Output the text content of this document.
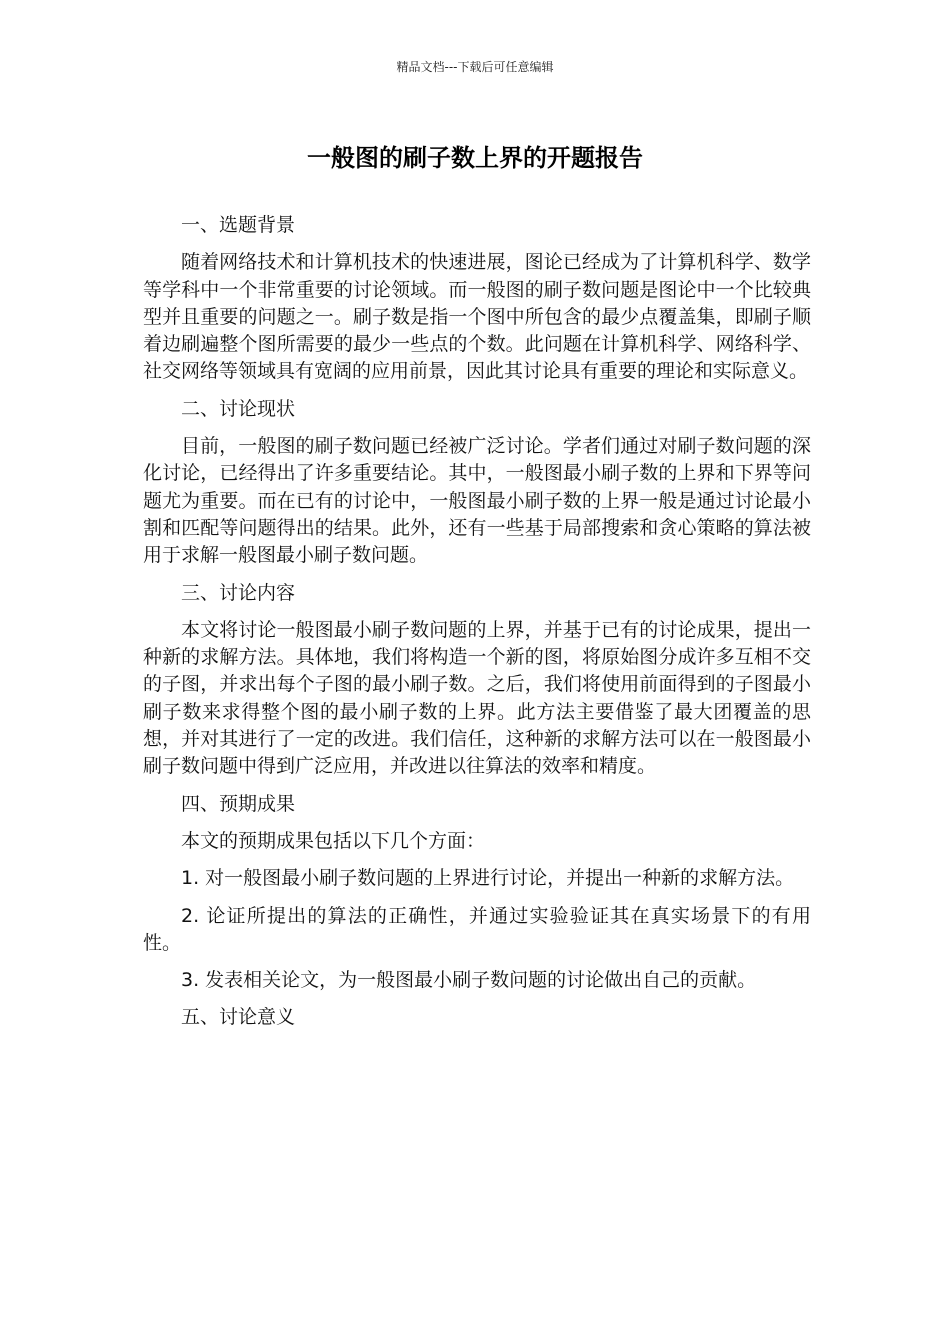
精品文档---下载后可任意编辑
一般图的刷子数上界的开题报告

一、选题背景

随着网络技术和计算机技术的快速进展，图论已经成为了计算机科学、数学等学科中一个非常重要的讨论领域。而一般图的刷子数问题是图论中一个比较典型并且重要的问题之一。刷子数是指一个图中所包含的最少点覆盖集，即刷子顺着边刷遍整个图所需要的最少一些点的个数。此问题在计算机科学、网络科学、社交网络等领域具有宽阔的应用前景，因此其讨论具有重要的理论和实际意义。

二、讨论现状

目前，一般图的刷子数问题已经被广泛讨论。学者们通过对刷子数问题的深化讨论，已经得出了许多重要结论。其中，一般图最小刷子数的上界和下界等问题尤为重要。而在已有的讨论中，一般图最小刷子数的上界一般是通过讨论最小割和匹配等问题得出的结果。此外，还有一些基于局部搜索和贪心策略的算法被用于求解一般图最小刷子数问题。

三、讨论内容

本文将讨论一般图最小刷子数问题的上界，并基于已有的讨论成果，提出一种新的求解方法。具体地，我们将构造一个新的图，将原始图分成许多互相不交的子图，并求出每个子图的最小刷子数。之后，我们将使用前面得到的子图最小刷子数来求得整个图的最小刷子数的上界。此方法主要借鉴了最大团覆盖的思想，并对其进行了一定的改进。我们信任，这种新的求解方法可以在一般图最小刷子数问题中得到广泛应用，并改进以往算法的效率和精度。

四、预期成果

本文的预期成果包括以下几个方面：

1. 对一般图最小刷子数问题的上界进行讨论，并提出一种新的求解方法。

2. 论证所提出的算法的正确性，并通过实验验证其在真实场景下的有用性。

3. 发表相关论文，为一般图最小刷子数问题的讨论做出自己的贡献。

五、讨论意义
